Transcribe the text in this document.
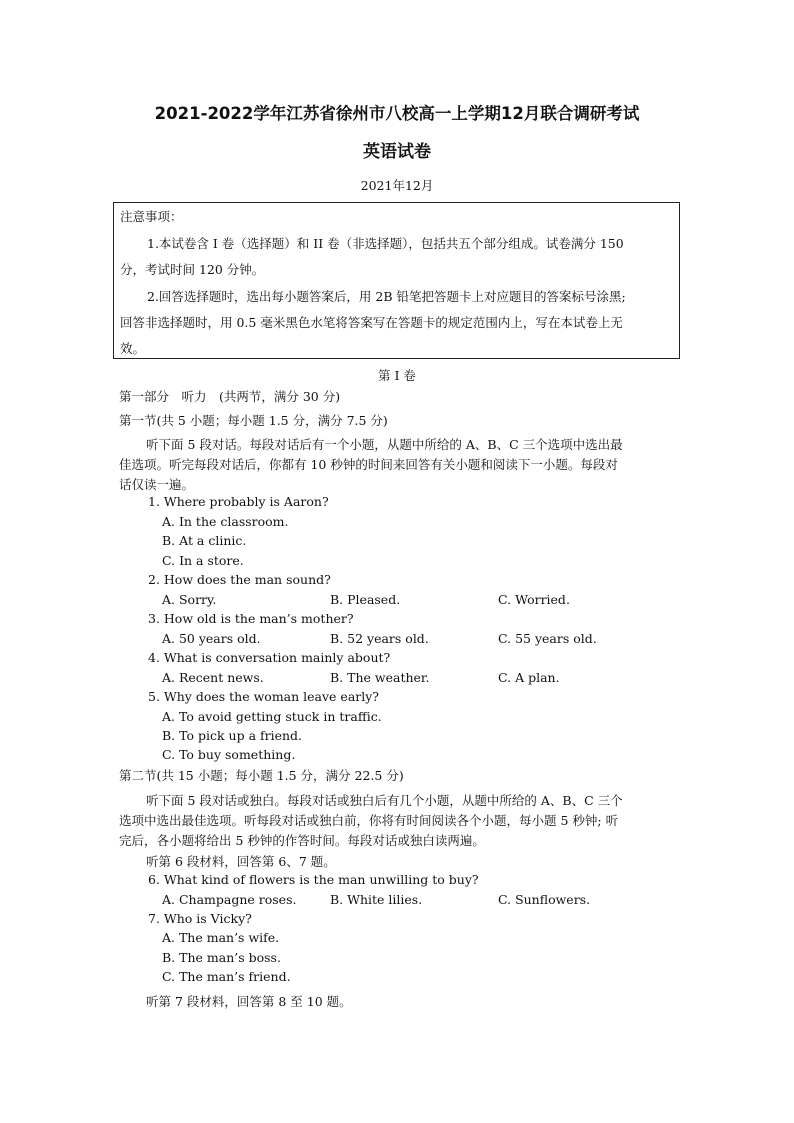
2021-2022学年江苏省徐州市八校高一上学期12月联合调研考试
英语试卷
2021年12月
注意事项：
1.本试卷含 I 卷（选择题）和 II 卷（非选择题），包括共五个部分组成。试卷满分 150
分，考试时间 120 分钟。
2.回答选择题时，选出每小题答案后，用 2B 铅笔把答题卡上对应题目的答案标号涂黑;
回答非选择题时，用 0.5 毫米黑色水笔将答案写在答题卡的规定范围内上，写在本试卷上无
效。
第 I 卷
第一部分　听力　(共两节，满分 30 分)
第一节(共 5 小题；每小题 1.5 分，满分 7.5 分)
听下面 5 段对话。每段对话后有一个小题，从题中所给的 A、B、C 三个选项中选出最
佳选项。听完每段对话后，你都有 10 秒钟的时间来回答有关小题和阅读下一小题。每段对
话仅读一遍。
1. Where probably is Aaron?
A. In the classroom.
B. At a clinic.
C. In a store.
2. How does the man sound?
A. Sorry.	B. Pleased.	C. Worried.
3. How old is the man’s mother?
A. 50 years old.	B. 52 years old.	C. 55 years old.
4. What is conversation mainly about?
A. Recent news.	B. The weather.	C. A plan.
5. Why does the woman leave early?
A. To avoid getting stuck in traffic.
B. To pick up a friend.
C. To buy something.
第二节(共 15 小题；每小题 1.5 分，满分 22.5 分)
听下面 5 段对话或独白。每段对话或独白后有几个小题，从题中所给的 A、B、C 三个
选项中选出最佳选项。听每段对话或独白前，你将有时间阅读各个小题，每小题 5 秒钟; 听
完后，各小题将给出 5 秒钟的作答时间。每段对话或独白读两遍。
听第 6 段材料，回答第 6、7 题。
6. What kind of flowers is the man unwilling to buy?
A. Champagne roses.	B. White lilies.	C. Sunflowers.
7. Who is Vicky?
A. The man’s wife.
B. The man’s boss.
C. The man’s friend.
听第 7 段材料，回答第 8 至 10 题。
